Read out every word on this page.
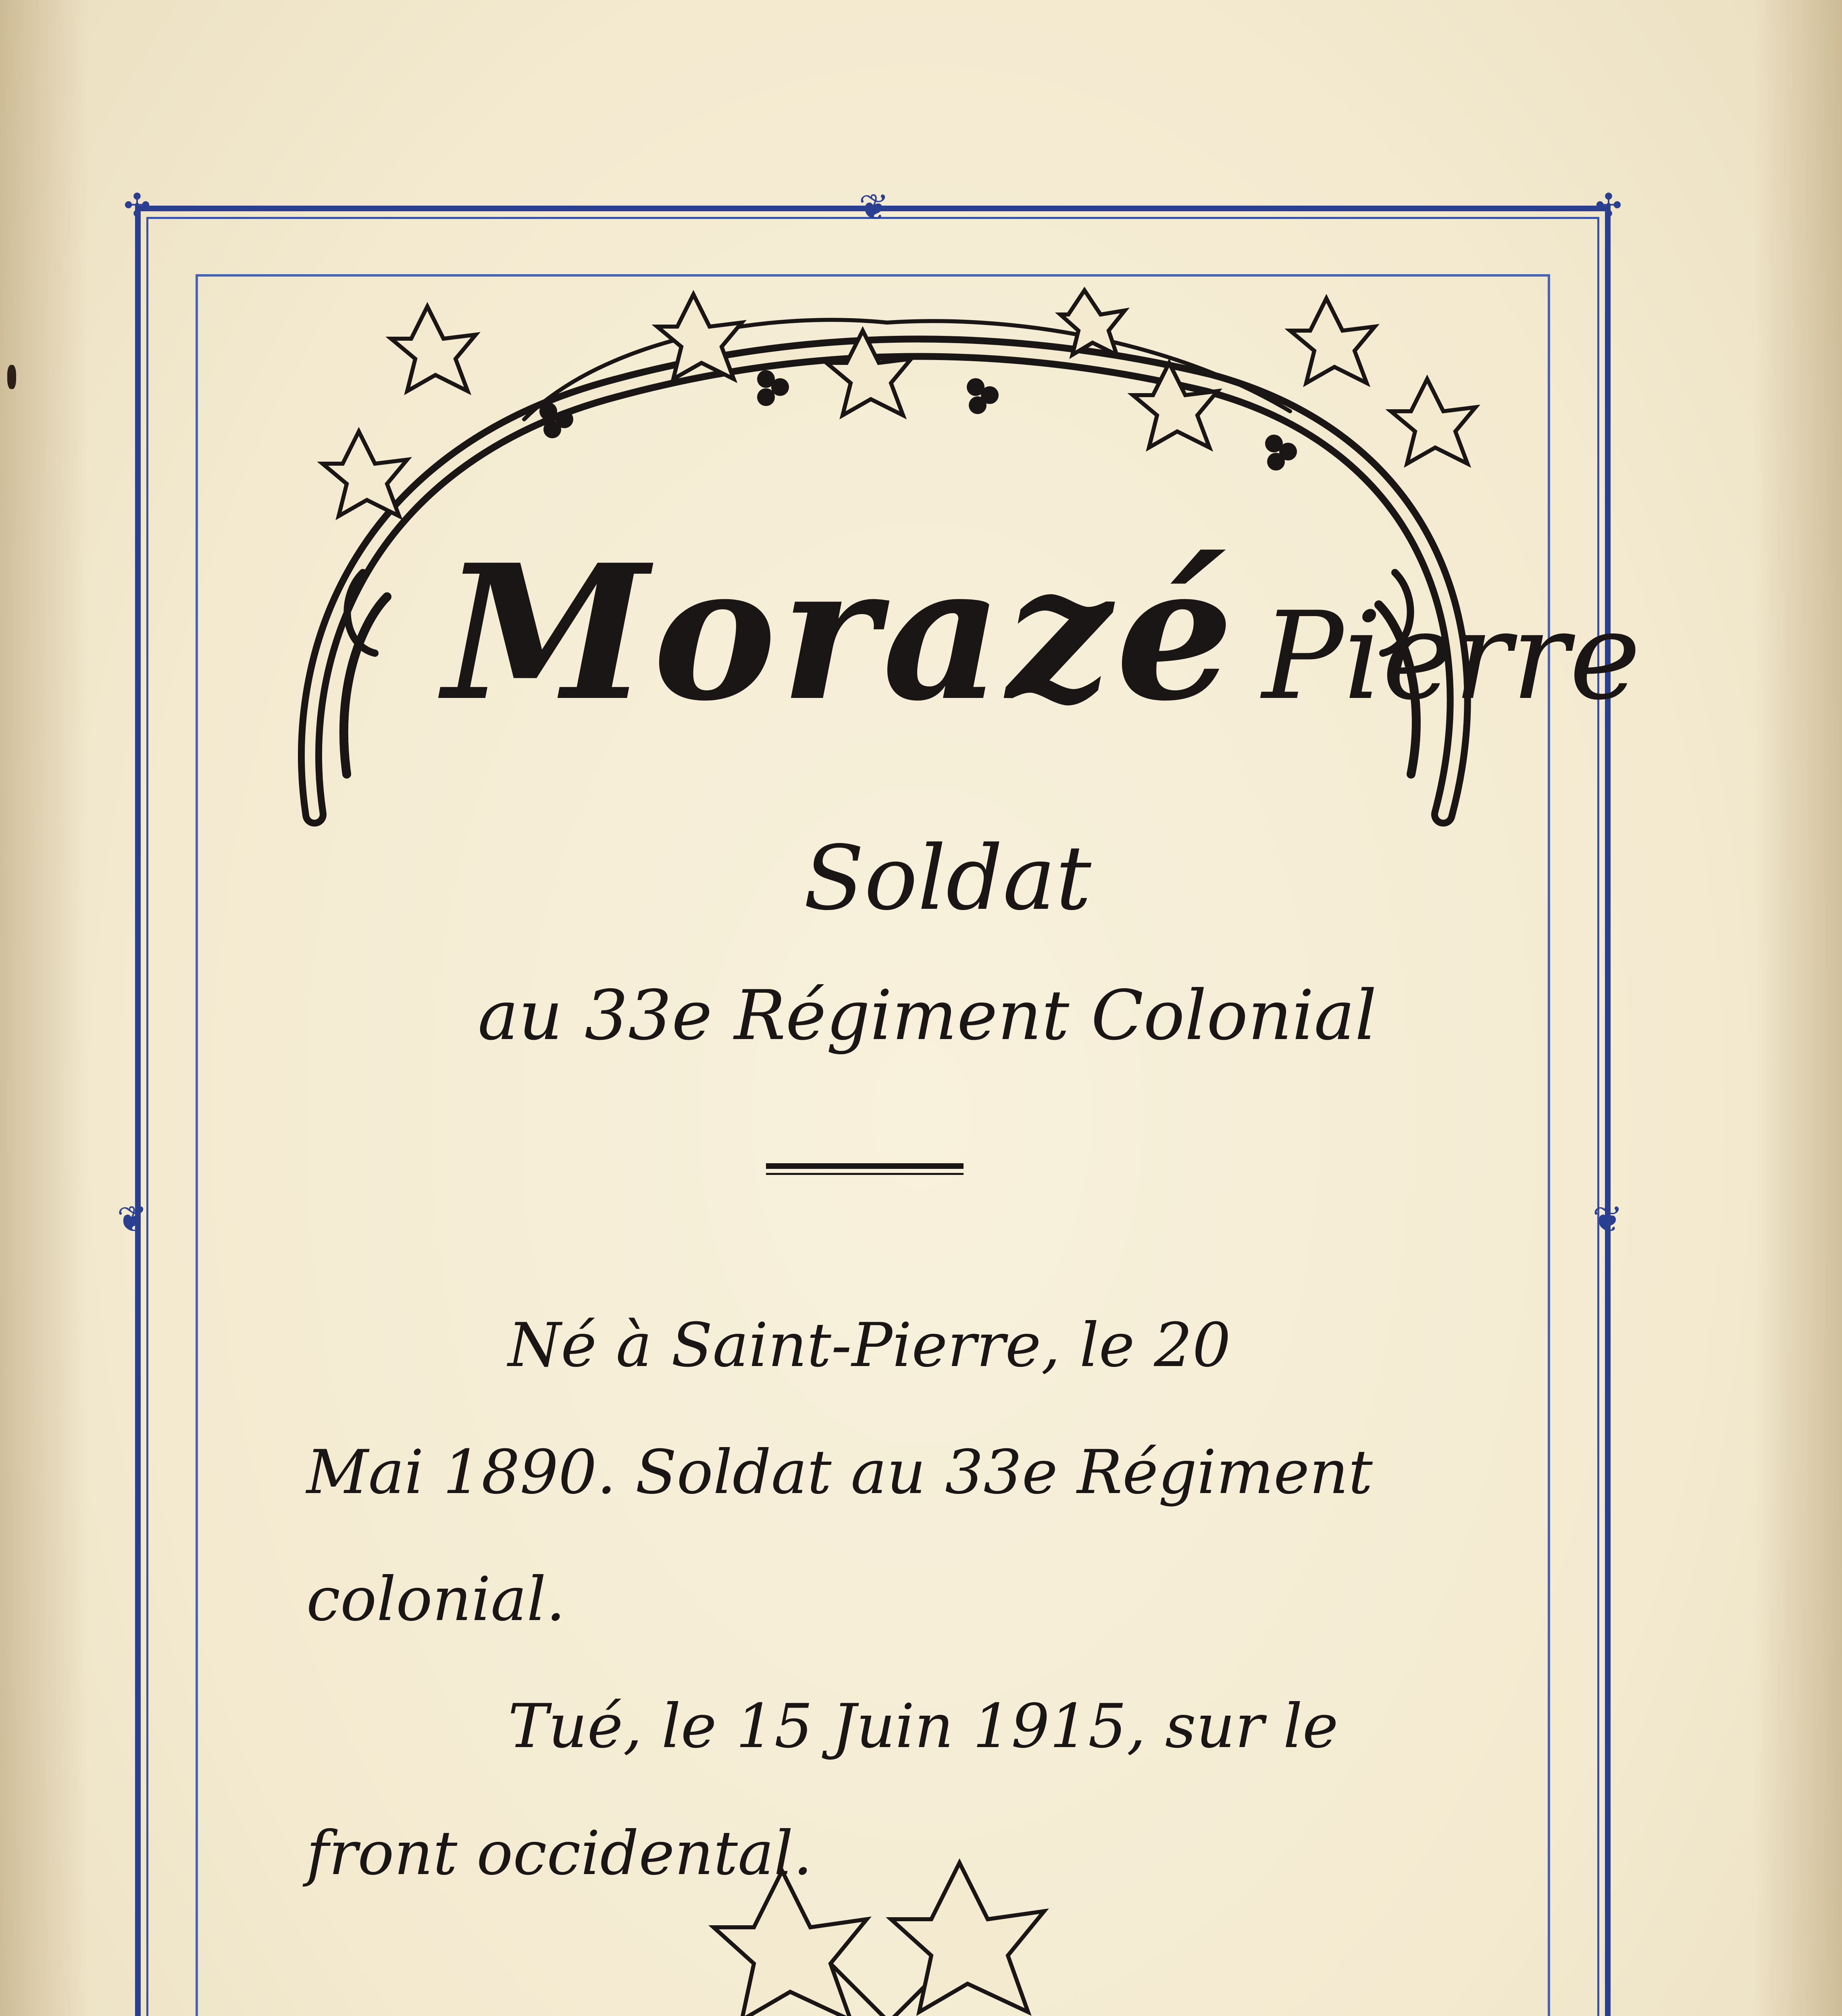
✣	✣
❦
❦	❦
Morazé Pierre
Soldat
au 33e Régiment Colonial

Né à Saint-Pierre, le 20

Mai 1890. Soldat au 33e Régiment

colonial.

Tué, le 15 Juin 1915, sur le

front occidental.
